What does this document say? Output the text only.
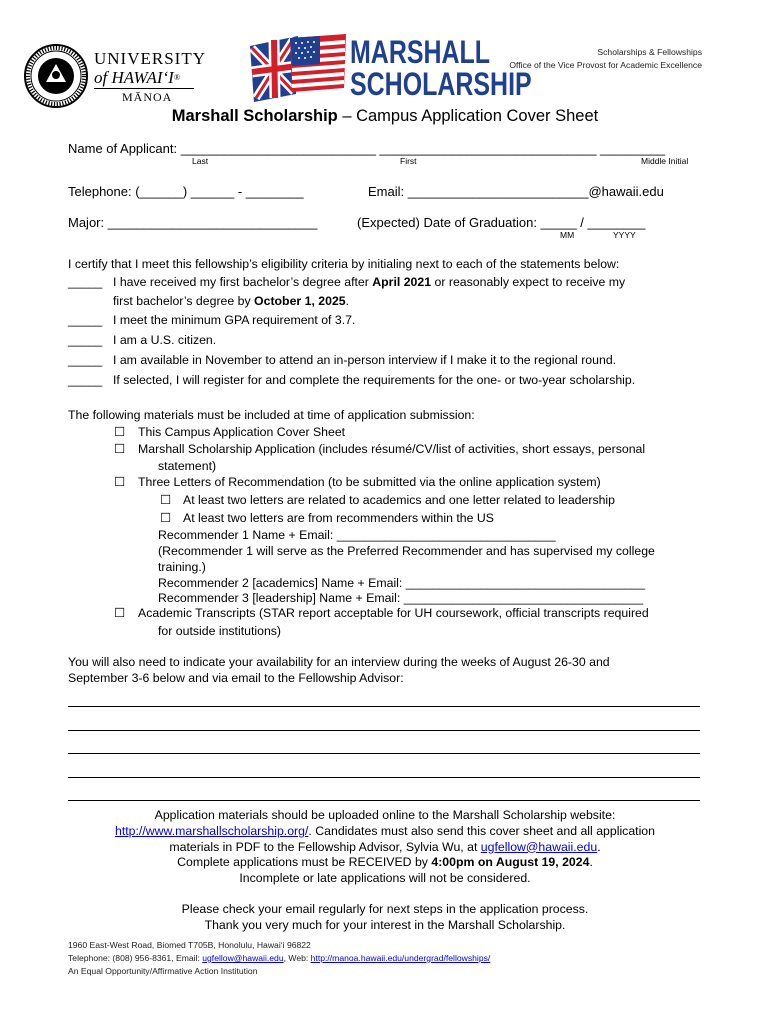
UNIVERSITY
of HAWAIʻI®
MĀNOA
MARSHALL
SCHOLARSHIP
Scholarships & Fellowships
Office of the Vice Provost for Academic Excellence
Marshall Scholarship – Campus Application Cover Sheet
Name of Applicant: ___________________________ ______________________________ _________
Last	First	Middle Initial
Telephone: (______) ______ - ________	Email: _________________________@hawaii.edu
Major: _____________________________	(Expected) Date of Graduation: _____ / ________
MM	YYYY
I certify that I meet this fellowship’s eligibility criteria by initialing next to each of the statements below:
_____ I have received my first bachelor’s degree after April 2021 or reasonably expect to receive my
first bachelor’s degree by October 1, 2025.
_____ I meet the minimum GPA requirement of 3.7.
_____ I am a U.S. citizen.
_____ I am available in November to attend an in-person interview if I make it to the regional round.
_____ If selected, I will register for and complete the requirements for the one- or two-year scholarship.
The following materials must be included at time of application submission:
☐ This Campus Application Cover Sheet
☐ Marshall Scholarship Application (includes résumé/CV/list of activities, short essays, personal
statement)
☐ Three Letters of Recommendation (to be submitted via the online application system)
☐ At least two letters are related to academics and one letter related to leadership
☐ At least two letters are from recommenders within the US
Recommender 1 Name + Email: ________________________________
(Recommender 1 will serve as the Preferred Recommender and has supervised my college
training.)
Recommender 2 [academics] Name + Email: ___________________________________
Recommender 3 [leadership] Name + Email: ___________________________________
☐ Academic Transcripts (STAR report acceptable for UH coursework, official transcripts required
for outside institutions)
You will also need to indicate your availability for an interview during the weeks of August 26-30 and
September 3-6 below and via email to the Fellowship Advisor:
Application materials should be uploaded online to the Marshall Scholarship website:
http://www.marshallscholarship.org/. Candidates must also send this cover sheet and all application
materials in PDF to the Fellowship Advisor, Sylvia Wu, at ugfellow@hawaii.edu.
Complete applications must be RECEIVED by 4:00pm on August 19, 2024.
Incomplete or late applications will not be considered.
Please check your email regularly for next steps in the application process.
Thank you very much for your interest in the Marshall Scholarship.
1960 East-West Road, Biomed T705B, Honolulu, Hawaiʻi 96822
Telephone: (808) 956-8361, Email: ugfellow@hawaii.edu, Web: http://manoa.hawaii.edu/undergrad/fellowships/
An Equal Opportunity/Affirmative Action Institution
